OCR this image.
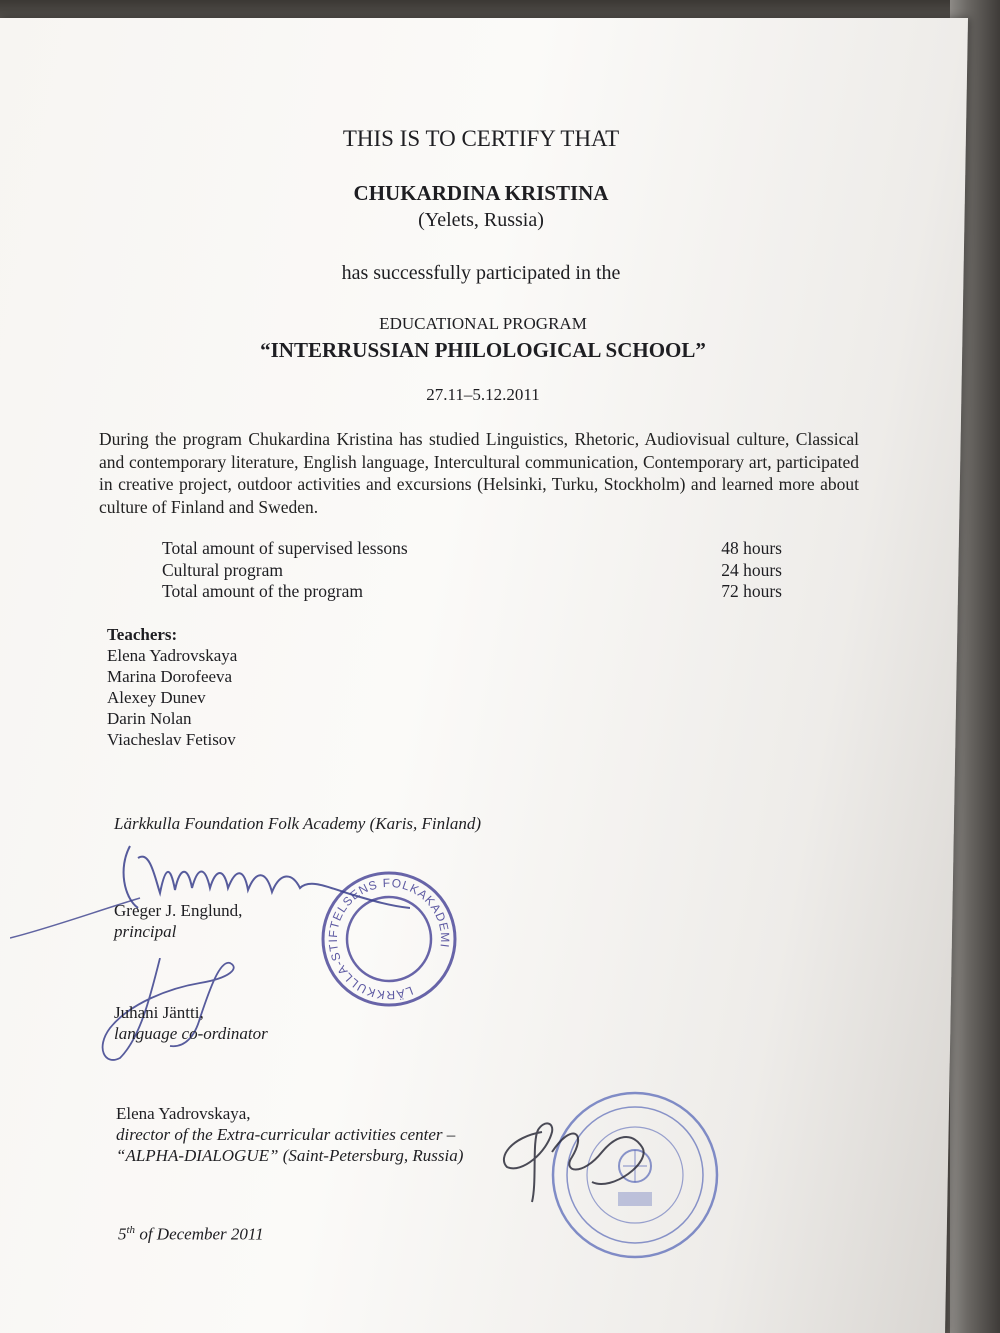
THIS IS TO CERTIFY THAT
CHUKARDINA KRISTINA
(Yelets, Russia)
has successfully participated in the
EDUCATIONAL PROGRAM
“INTERRUSSIAN PHILOLOGICAL SCHOOL”
27.11–5.12.2011
During the program Chukardina Kristina has studied Linguistics, Rhetoric, Audiovisual culture, Classical and contemporary literature, English language, Intercultural communication, Contemporary art, participated in creative project, outdoor activities and excursions (Helsinki, Turku, Stockholm) and learned more about culture of Finland and Sweden.
Total amount of supervised lessons	48 hours
Cultural program	24 hours
Total amount of the program	72 hours
Teachers:
Elena Yadrovskaya
Marina Dorofeeva
Alexey Dunev
Darin Nolan
Viacheslav Fetisov
Lärkkulla Foundation Folk Academy (Karis, Finland)
LÄRKKULLA-STIFTELSENS FOLKAKADEMI
Greger J. Englund,
principal
Juhani Jäntti,
language co-ordinator
Elena Yadrovskaya,
director of the Extra-curricular activities center –
“ALPHA-DIALOGUE” (Saint-Petersburg, Russia)
5th of December 2011
